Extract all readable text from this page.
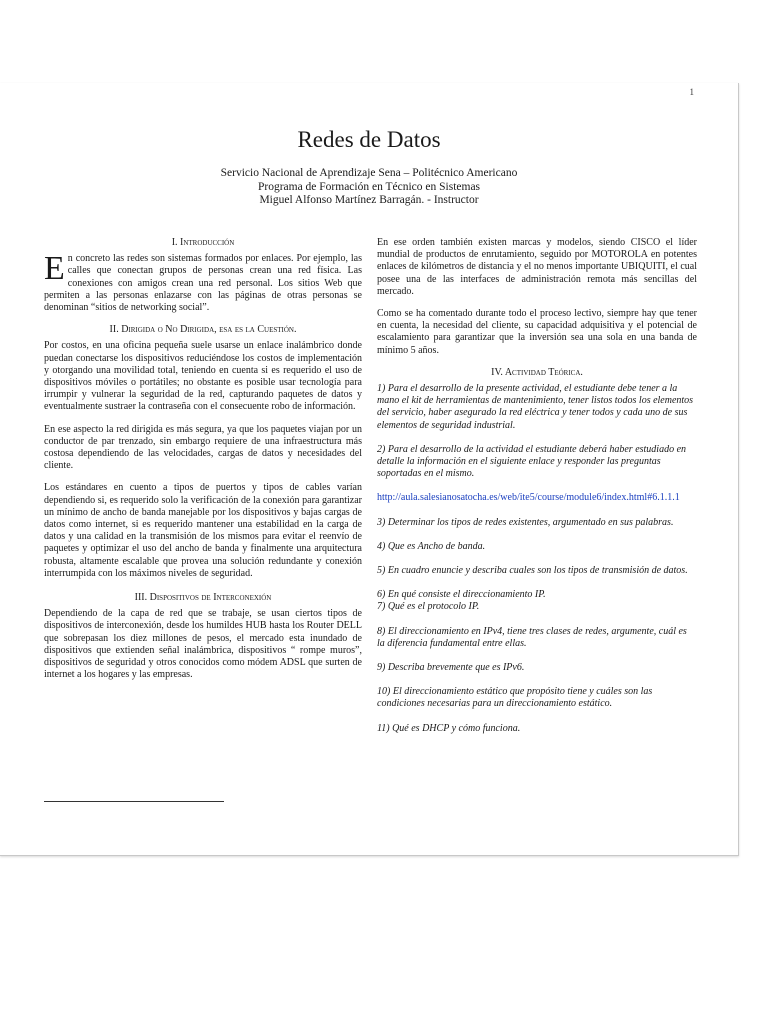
1
Redes de Datos
Servicio Nacional de Aprendizaje Sena – Politécnico Americano
Programa de Formación en Técnico en Sistemas
Miguel Alfonso Martínez Barragán. - Instructor
I. Introducción

En concreto las redes son sistemas formados por enlaces. Por ejemplo, las calles que conectan grupos de personas crean una red física. Las conexiones con amigos crean una red personal. Los sitios Web que permiten a las personas enlazarse con las páginas de otras personas se denominan “sitios de networking social”.

II. Dirigida o No Dirigida, esa es la Cuestión.

Por costos, en una oficina pequeña suele usarse un enlace inalámbrico donde puedan conectarse los dispositivos reduciéndose los costos de implementación y otorgando una movilidad total, teniendo en cuenta si es requerido el uso de dispositivos móviles o portátiles; no obstante es posible usar tecnología para irrumpir y vulnerar la seguridad de la red, capturando paquetes de datos y eventualmente sustraer la contraseña con el consecuente robo de información.

En ese aspecto la red dirigida es más segura, ya que los paquetes viajan por un conductor de par trenzado, sin embargo requiere de una infraestructura más costosa dependiendo de las velocidades, cargas de datos y necesidades del cliente.

Los estándares en cuento a tipos de puertos y tipos de cables varían dependiendo si, es requerido solo la verificación de la conexión para garantizar un mínimo de ancho de banda manejable por los dispositivos y bajas cargas de datos como internet, si es requerido mantener una estabilidad en la carga de datos y una calidad en la transmisión de los mismos para evitar el reenvío de paquetes y optimizar el uso del ancho de banda y finalmente una arquitectura robusta, altamente escalable que provea una solución redundante y conexión interrumpida con los máximos niveles de seguridad.

III. Dispositivos de Interconexión

Dependiendo de la capa de red que se trabaje, se usan ciertos tipos de dispositivos de interconexión, desde los humildes HUB hasta los Router DELL que sobrepasan los diez millones de pesos, el mercado esta inundado de dispositivos que extienden señal inalámbrica, dispositivos “ rompe muros”, dispositivos de seguridad y otros conocidos como módem ADSL que surten de internet a los hogares y las empresas.

En ese orden también existen marcas y modelos, siendo CISCO el líder mundial de productos de enrutamiento, seguido por MOTOROLA en potentes enlaces de kilómetros de distancia y el no menos importante UBIQUITI, el cual posee una de las interfaces de administración remota más sencillas del mercado.

Como se ha comentado durante todo el proceso lectivo, siempre hay que tener en cuenta, la necesidad del cliente, su capacidad adquisitiva y el potencial de escalamiento para garantizar que la inversión sea una sola en una banda de mínimo 5 años.

IV. Actividad Teórica.

1) Para el desarrollo de la presente actividad, el estudiante debe tener a la mano el kit de herramientas de mantenimiento, tener listos todos los elementos del servicio, haber asegurado la red eléctrica y tener todos y cada uno de sus elementos de seguridad industrial.

2) Para el desarrollo de la actividad el estudiante deberá haber estudiado en detalle la información en el siguiente enlace y responder las preguntas soportadas en el mismo.

http://aula.salesianosatocha.es/web/ite5/course/module6/index.html#6.1.1.1

3) Determinar los tipos de redes existentes, argumentado en sus palabras.

4) Que es Ancho de banda.

5) En cuadro enuncie y describa cuales son los tipos de transmisión de datos.

6) En qué consiste el direccionamiento IP.

7) Qué es el protocolo IP.

8) El direccionamiento en IPv4, tiene tres clases de redes, argumente, cuál es la diferencia fundamental entre ellas.

9) Describa brevemente que es IPv6.

10) El direccionamiento estático que propósito tiene y cuáles son las condiciones necesarias para un direccionamiento estático.

11) Qué es DHCP y cómo funciona.
